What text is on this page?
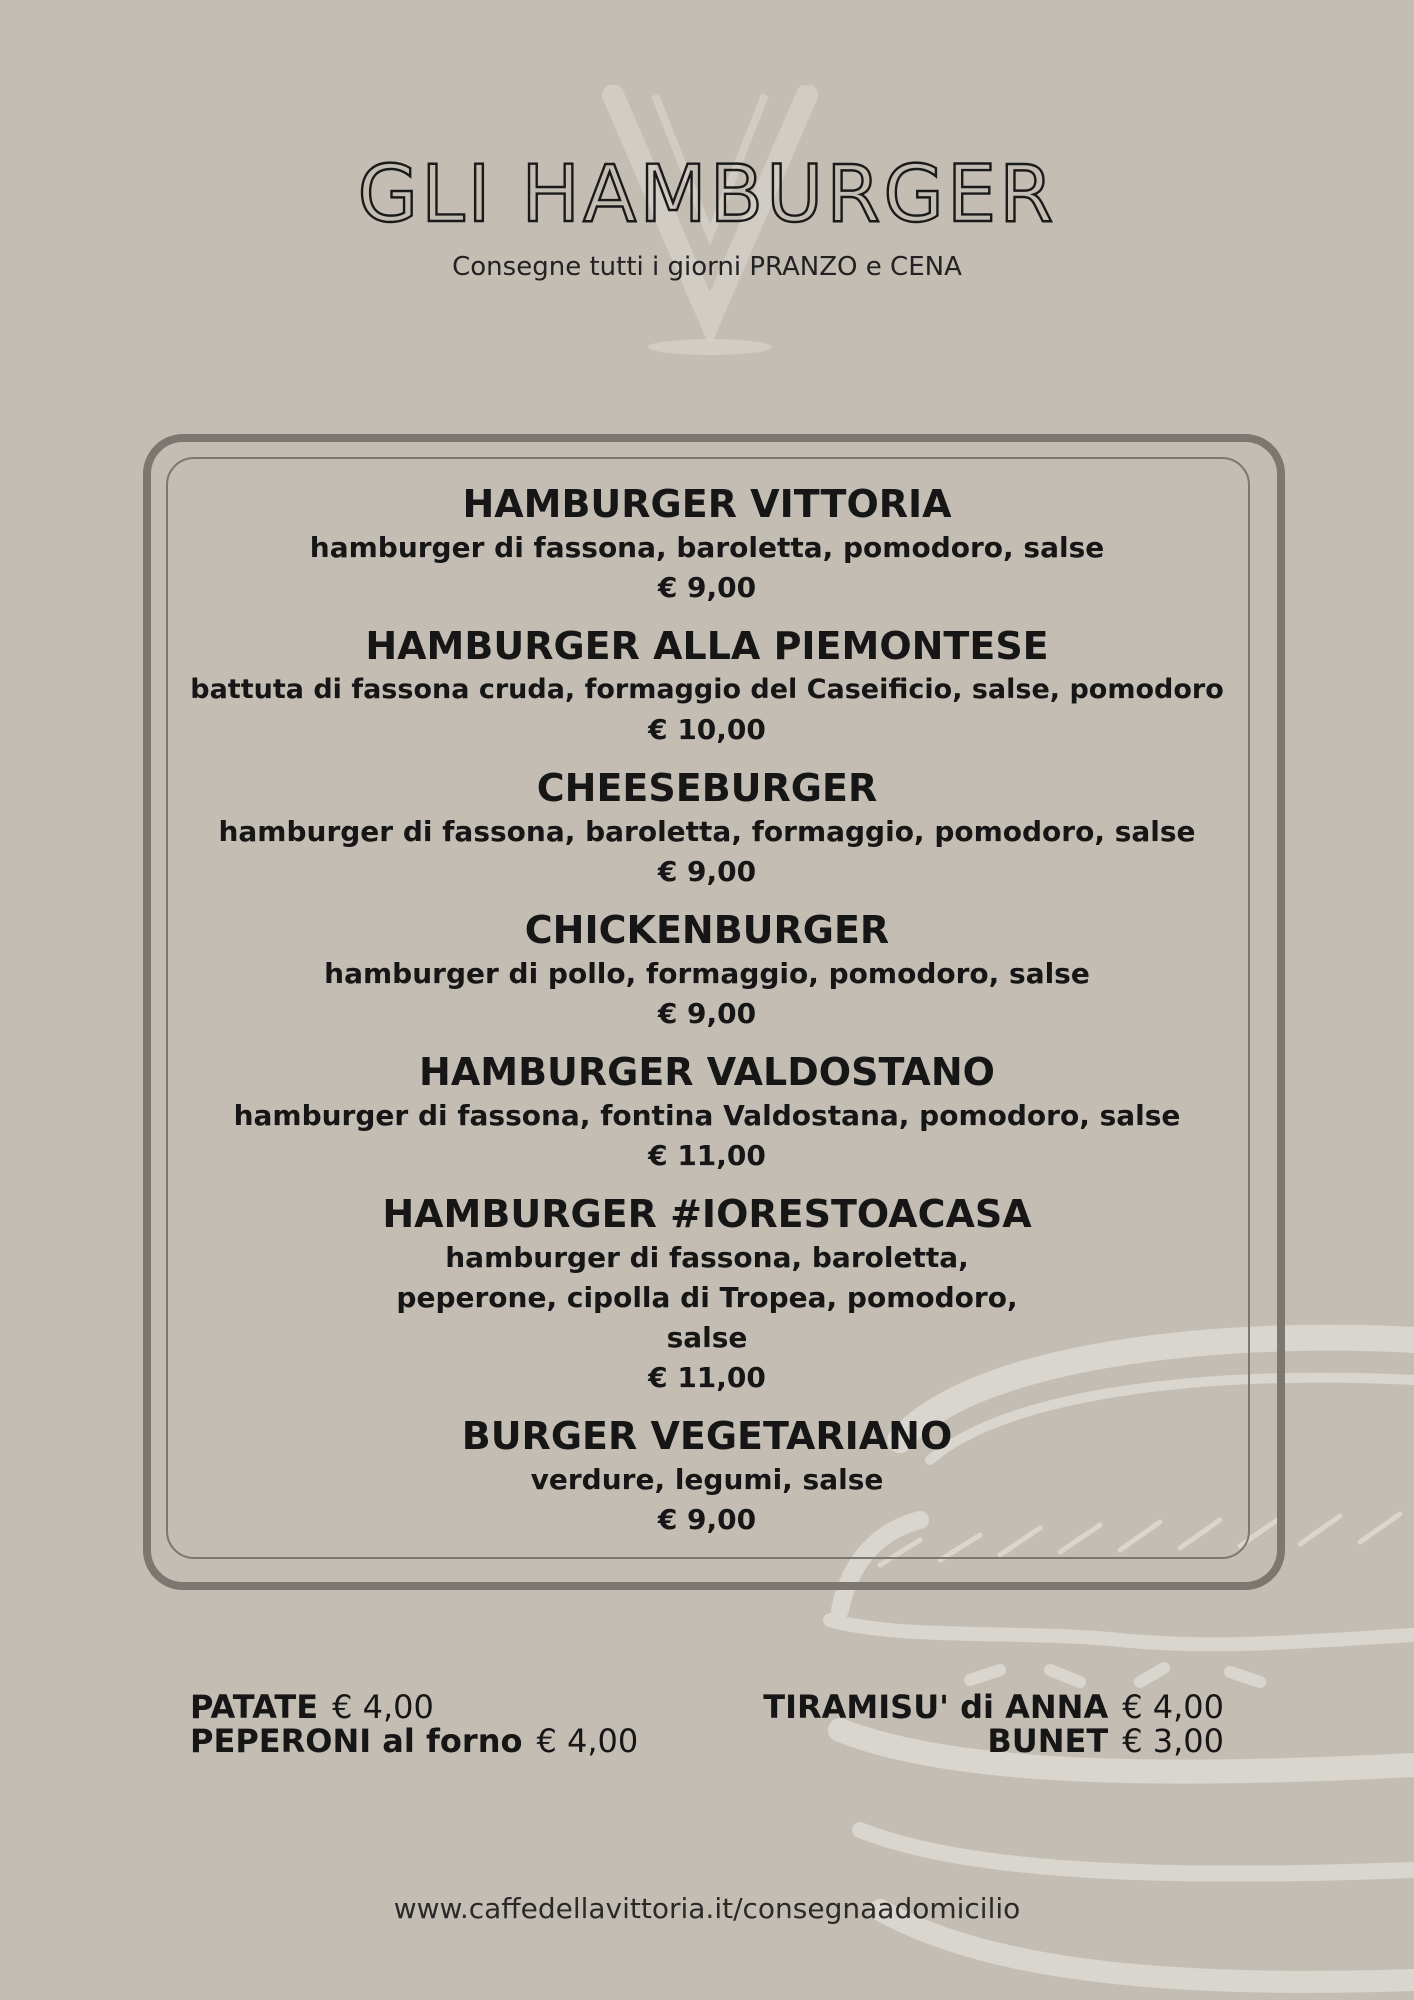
GLI HAMBURGER
Consegne tutti i giorni PRANZO e CENA
HAMBURGER VITTORIA
hamburger di fassona, baroletta, pomodoro, salse
€ 9,00
HAMBURGER ALLA PIEMONTESE
battuta di fassona cruda, formaggio del Caseificio, salse, pomodoro
€ 10,00
CHEESEBURGER
hamburger di fassona, baroletta, formaggio, pomodoro, salse
€ 9,00
CHICKENBURGER
hamburger di pollo, formaggio, pomodoro, salse
€ 9,00
HAMBURGER VALDOSTANO
hamburger di fassona, fontina Valdostana, pomodoro, salse
€ 11,00
HAMBURGER #IORESTOACASA
hamburger di fassona, baroletta, peperone, cipolla di Tropea, pomodoro, salse
€ 11,00
BURGER VEGETARIANO
verdure, legumi, salse
€ 9,00
PATATE € 4,00
PEPERONI al forno € 4,00
TIRAMISU' di ANNA € 4,00
BUNET € 3,00
www.caffedellavittoria.it/consegnaadomicilio
